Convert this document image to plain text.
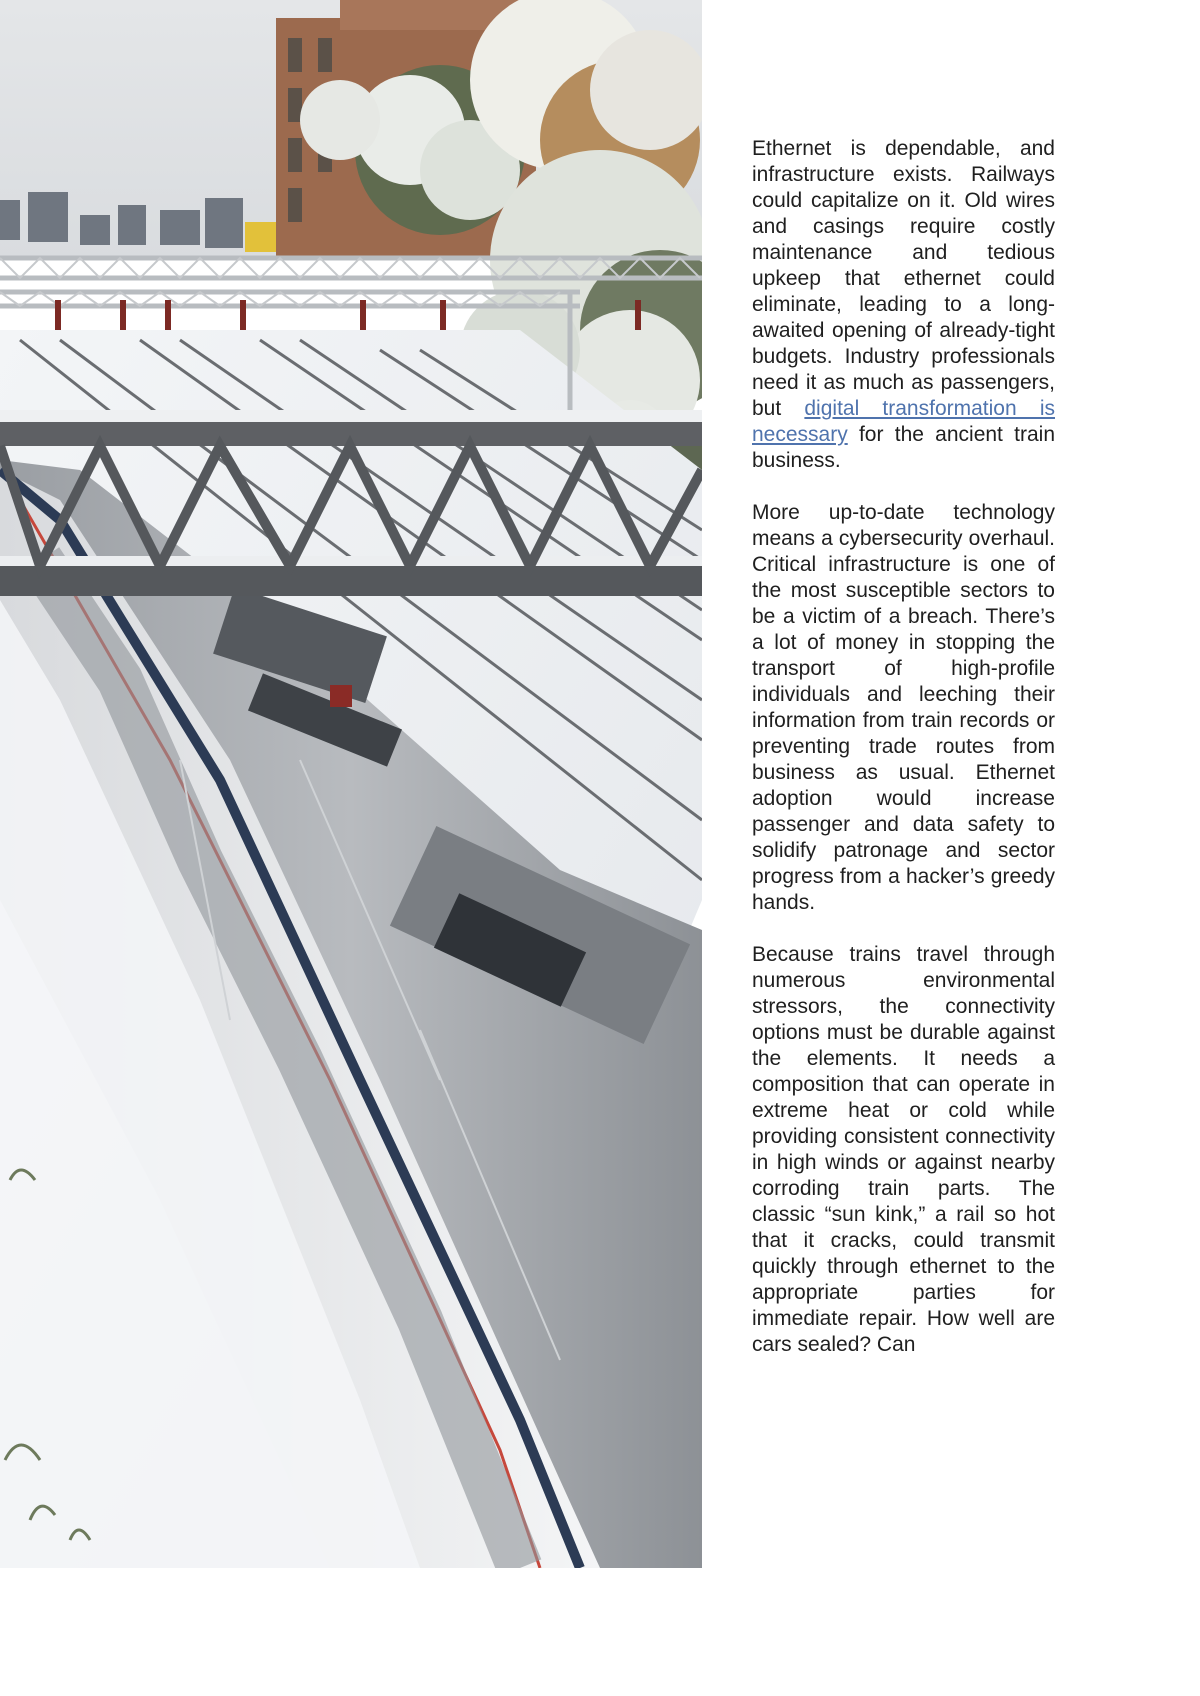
Ethernet is dependable, and infrastructure exists. Railways could capitalize on it. Old wires and casings require costly maintenance and tedious upkeep that ethernet could eliminate, leading to a long-awaited opening of already-tight budgets. Industry professionals need it as much as passengers, but digital transformation is necessary for the ancient train business.

More up-to-date technology means a cybersecurity overhaul. Critical infrastructure is one of the most susceptible sectors to be a victim of a breach. There’s a lot of money in stopping the transport of high-profile individuals and leeching their information from train records or preventing trade routes from business as usual. Ethernet adoption would increase passenger and data safety to solidify patronage and sector progress from a hacker’s greedy hands.

Because trains travel through numerous environmental stressors, the connectivity options must be durable against the elements. It needs a composition that can operate in extreme heat or cold while providing consistent connectivity in high winds or against nearby corroding train parts. The classic “sun kink,” a rail so hot that it cracks, could transmit quickly through ethernet to the appropriate parties for immediate repair. How well are cars sealed? Can
